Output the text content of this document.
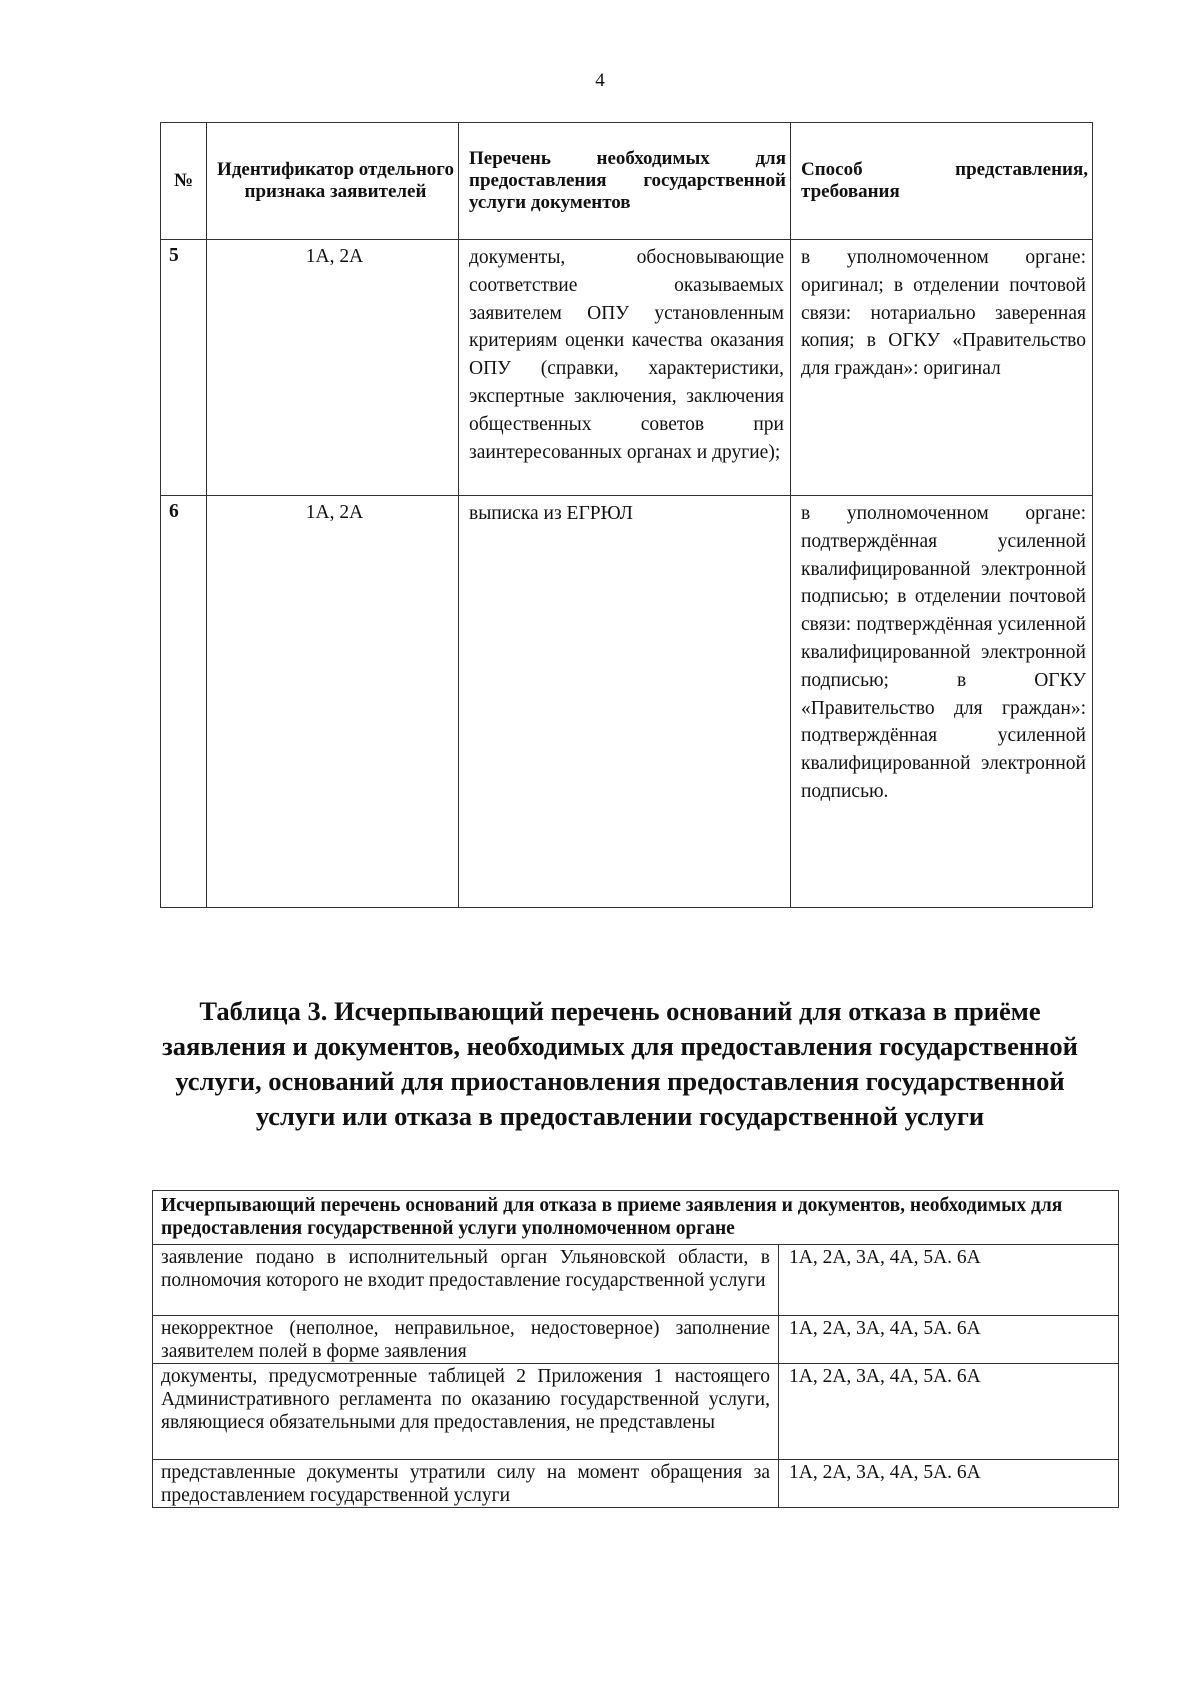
4
№	Идентификатор отдельного признака заявителей	Перечень необходимых для предоставления государственной услуги документов	Способ представления, требования
5	1А, 2А	документы, обосновывающие соответствие оказываемых заявителем ОПУ установленным критериям оценки качества оказания ОПУ (справки, характеристики, экспертные заключения, заключения общественных советов при заинтересованных органах и другие);	в уполномоченном органе: оригинал; в отделении почтовой связи: нотариально заверенная копия; в ОГКУ «Правительство для граждан»: оригинал
6	1А, 2А	выписка из ЕГРЮЛ	в уполномоченном органе: подтверждённая усиленной квалифицированной электронной подписью; в отделении почтовой связи: подтверждённая усиленной квалифицированной электронной подписью; в ОГКУ «Правительство для граждан»: подтверждённая усиленной квалифицированной электронной подписью.
Таблица 3. Исчерпывающий перечень оснований для отказа в приёме заявления и документов, необходимых для предоставления государственной услуги, оснований для приостановления предоставления государственной услуги или отказа в предоставлении государственной услуги
Исчерпывающий перечень оснований для отказа в приеме заявления и документов, необходимых для предоставления государственной услуги уполномоченном органе	
заявление подано в исполнительный орган Ульяновской области, в полномочия которого не входит предоставление государственной услуги	1А, 2А, 3А, 4А, 5А. 6А
некорректное (неполное, неправильное, недостоверное) заполнение заявителем полей в форме заявления	1А, 2А, 3А, 4А, 5А. 6А
документы, предусмотренные таблицей 2 Приложения 1 настоящего Административного регламента по оказанию государственной услуги, являющиеся обязательными для предоставления, не представлены	1А, 2А, 3А, 4А, 5А. 6А
представленные документы утратили силу на момент обращения за предоставлением государственной услуги	1А, 2А, 3А, 4А, 5А. 6А
